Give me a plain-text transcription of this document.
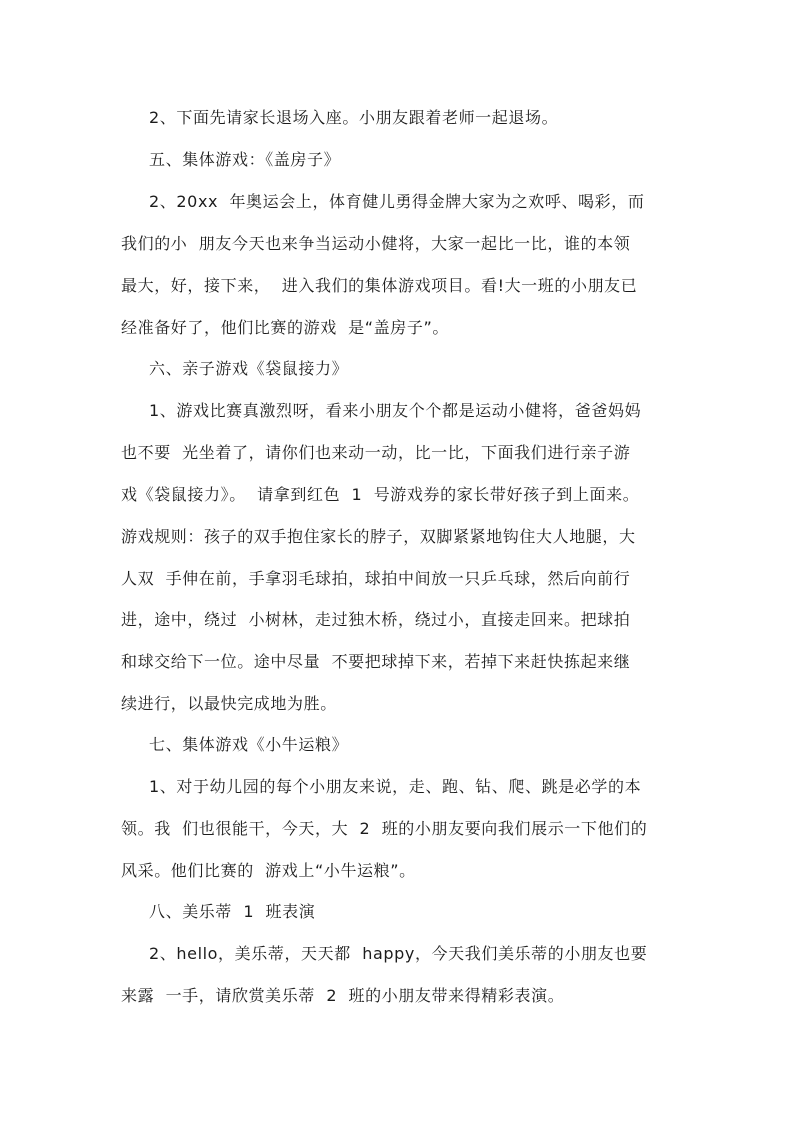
2、下面先请家长退场入座。小朋友跟着老师一起退场。

五、集体游戏：《盖房子》

2、20xx  年奥运会上，体育健儿勇得金牌大家为之欢呼、喝彩，而

我们的小  朋友今天也来争当运动小健将，大家一起比一比，谁的本领

最大，好，接下来，  进入我们的集体游戏项目。看!大一班的小朋友已

经准备好了，他们比赛的游戏  是“盖房子”。

六、亲子游戏《袋鼠接力》

1、游戏比赛真激烈呀，看来小朋友个个都是运动小健将，爸爸妈妈

也不要  光坐着了，请你们也来动一动，比一比，下面我们进行亲子游

戏《袋鼠接力》。  请拿到红色  1  号游戏券的家长带好孩子到上面来。

游戏规则：孩子的双手抱住家长的脖子，双脚紧紧地钩住大人地腿，大

人双  手伸在前，手拿羽毛球拍，球拍中间放一只乒乓球，然后向前行

进，途中，绕过  小树林，走过独木桥，绕过小，直接走回来。把球拍

和球交给下一位。途中尽量  不要把球掉下来，若掉下来赶快拣起来继

续进行，以最快完成地为胜。

七、集体游戏《小牛运粮》

1、对于幼儿园的每个小朋友来说，走、跑、钻、爬、跳是必学的本

领。我  们也很能干，今天，大  2  班的小朋友要向我们展示一下他们的

风采。他们比赛的  游戏上“小牛运粮”。

八、美乐蒂  1  班表演

2、hello，美乐蒂，天天都  happy，今天我们美乐蒂的小朋友也要

来露  一手，请欣赏美乐蒂  2  班的小朋友带来得精彩表演。
